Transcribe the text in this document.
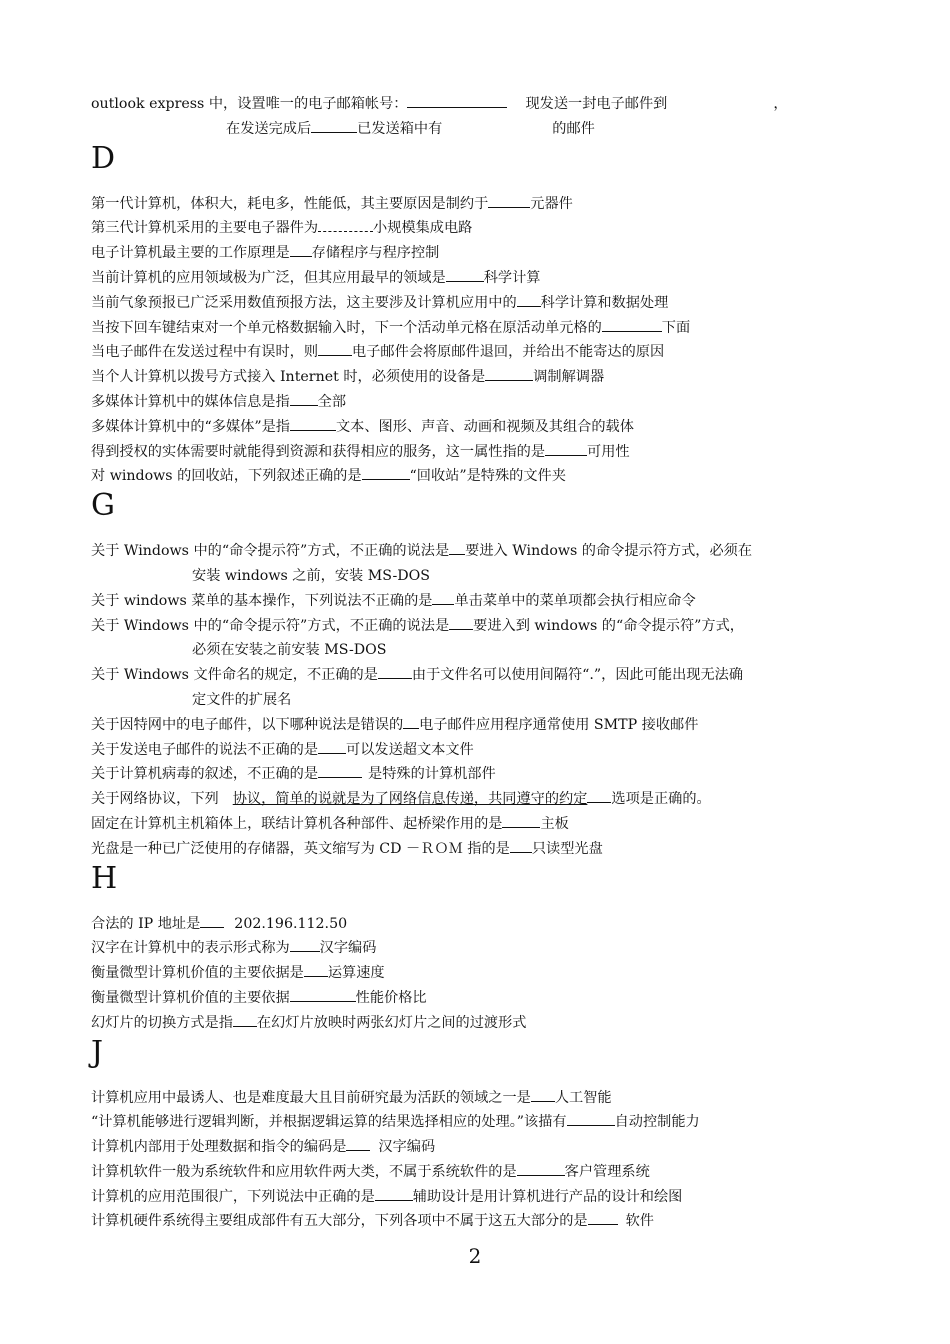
outlook express 中，设置唯一的电子邮箱帐号：	现发送一封电子邮件到	，
在发送完成后	已发送箱中有	的邮件
D
第一代计算机，体积大，耗电多，性能低，其主要原因是制约于	元器件
第三代计算机采用的主要电子器件为	小规模集成电路
电子计算机最主要的工作原理是 存储程序与程序控制
当前计算机的应用领域极为广泛，但其应用最早的领域是	科学计算
当前气象预报已广泛采用数值预报方法，这主要涉及计算机应用中的 科学计算和数据处理
当按下回车键结束对一个单元格数据输入时，下一个活动单元格在原活动单元格的	下面
当电子邮件在发送过程中有误时，则 电子邮件会将原邮件退回，并给出不能寄达的原因
当个人计算机以拨号方式接入 Internet 时，必须使用的设备是	调制解调器
多媒体计算机中的媒体信息是指 全部
多媒体计算机中的“多媒体”是指	文本、图形、声音、动画和视频及其组合的载体
得到授权的实体需要时就能得到资源和获得相应的服务，这一属性指的是	可用性
对 windows 的回收站，下列叙述正确的是	“回收站”是特殊的文件夹
G
关于 Windows 中的“命令提示符”方式，不正确的说法是 要进入 Windows 的命令提示符方式，必须在
安装 windows 之前，安装 MS-DOS
关于 windows 菜单的基本操作，下列说法不正确的是 单击菜单中的菜单项都会执行相应命令
关于 Windows 中的“命令提示符”方式，不正确的说法是 要进入到 windows 的“命令提示符”方式，
必须在安装之前安装 MS-DOS
关于 Windows 文件命名的规定，不正确的是 由于文件名可以使用间隔符“.”，因此可能出现无法确
定文件的扩展名
关于因特网中的电子邮件，以下哪种说法是错误的 电子邮件应用程序通常使用 SMTP 接收邮件
关于发送电子邮件的说法不正确的是 可以发送超文本文件
关于计算机病毒的叙述，不正确的是	是特殊的计算机部件
关于网络协议，下列 协议，简单的说就是为了网络信息传递，共同遵守的约定 选项是正确的。
固定在计算机主机箱体上，联结计算机各种部件、起桥梁作用的是	主板
光盘是一种已广泛使用的存储器，英文缩写为 CD －ＲＯＭ 指的是 只读型光盘
H
合法的 IP 地址是 202.196.112.50
汉字在计算机中的表示形式称为 汉字编码
衡量微型计算机价值的主要依据是 运算速度
衡量微型计算机价值的主要依据	性能价格比
幻灯片的切换方式是指 在幻灯片放映时两张幻灯片之间的过渡形式
J
计算机应用中最诱人、也是难度最大且目前研究最为活跃的领域之一是 人工智能
“计算机能够进行逻辑判断，并根据逻辑运算的结果选择相应的处理。”该描有	自动控制能力
计算机内部用于处理数据和指令的编码是 汉字编码
计算机软件一般为系统软件和应用软件两大类，不属于系统软件的是	客户管理系统
计算机的应用范围很广，下列说法中正确的是	辅助设计是用计算机进行产品的设计和绘图
计算机硬件系统得主要组成部件有五大部分，下列各项中不属于这五大部分的是	软件
2
